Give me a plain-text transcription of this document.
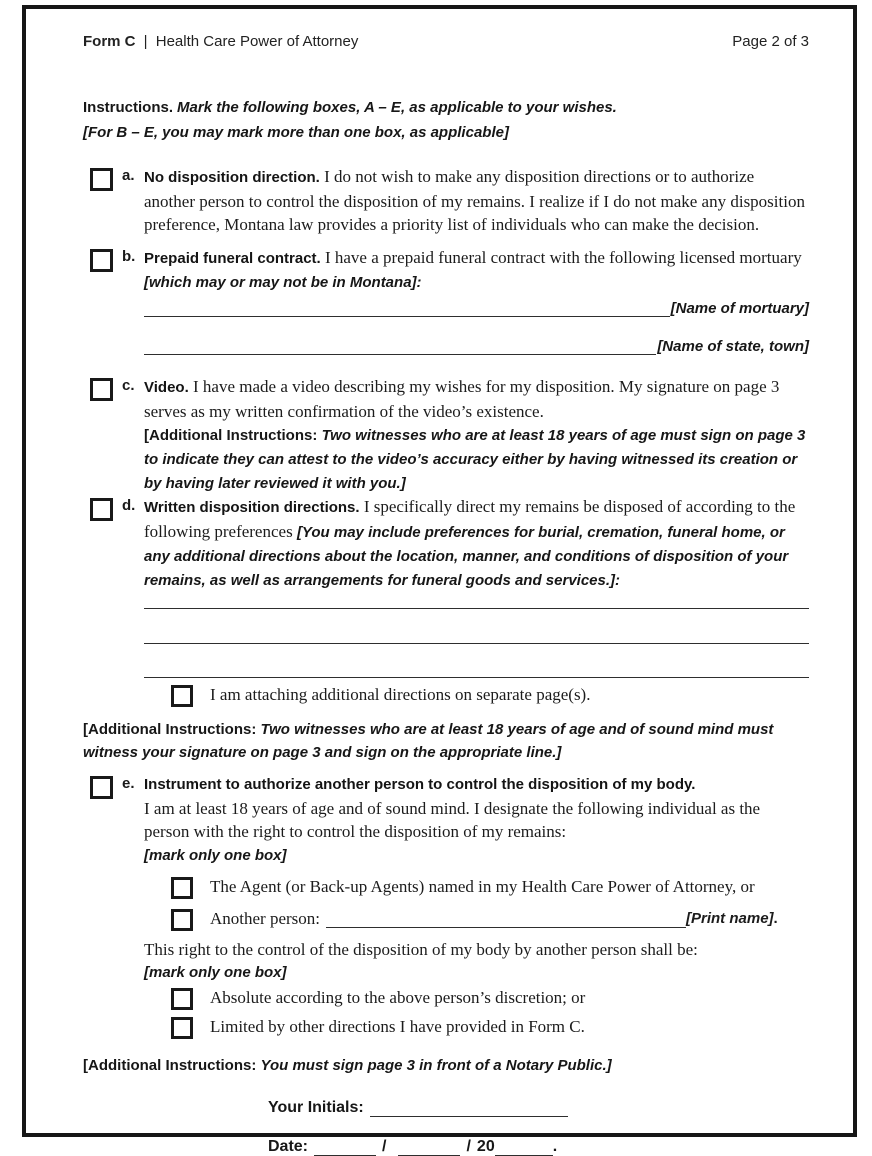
Form C | Health Care Power of Attorney	Page 2 of 3
Instructions. Mark the following boxes, A – E, as applicable to your wishes.
[For B – E, you may mark more than one box, as applicable]
a. No disposition direction. I do not wish to make any disposition directions or to authorize another person to control the disposition of my remains. I realize if I do not make any disposition preference, Montana law provides a priority list of individuals who can make the decision.
b. Prepaid funeral contract. I have a prepaid funeral contract with the following licensed mortuary [which may or may not be in Montana]:
[Name of mortuary]
[Name of state, town]
c. Video. I have made a video describing my wishes for my disposition. My signature on page 3 serves as my written confirmation of the video’s existence.
[Additional Instructions: Two witnesses who are at least 18 years of age must sign on page 3 to indicate they can attest to the video’s accuracy either by having witnessed its creation or by having later reviewed it with you.]
d. Written disposition directions. I specifically direct my remains be disposed of according to the following preferences [You may include preferences for burial, cremation, funeral home, or any additional directions about the location, manner, and conditions of disposition of your remains, as well as arrangements for funeral goods and services.]:
I am attaching additional directions on separate page(s).
[Additional Instructions: Two witnesses who are at least 18 years of age and of sound mind must witness your signature on page 3 and sign on the appropriate line.]
e. Instrument to authorize another person to control the disposition of my body.
I am at least 18 years of age and of sound mind. I designate the following individual as the person with the right to control the disposition of my remains:
[mark only one box]
The Agent (or Back-up Agents) named in my Health Care Power of Attorney, or
Another person:	[Print name] .
This right to the control of the disposition of my body by another person shall be:
[mark only one box]
Absolute according to the above person’s discretion; or
Limited by other directions I have provided in Form C.
[Additional Instructions: You must sign page 3 in front of a Notary Public.]
Your Initials:
Date:	/	/ 20	.
